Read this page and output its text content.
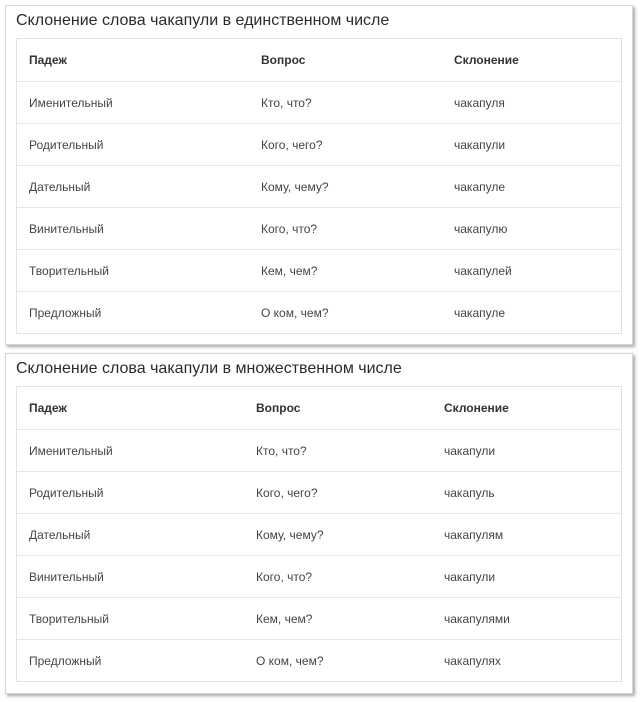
Склонение слова чакапули в единственном числе
Падеж	Вопрос	Склонение
Именительный	Кто, что?	чакапуля
Родительный	Кого, чего?	чакапули
Дательный	Кому, чему?	чакапуле
Винительный	Кого, что?	чакапулю
Творительный	Кем, чем?	чакапулей
Предложный	О ком, чем?	чакапуле
Склонение слова чакапули в множественном числе
Падеж	Вопрос	Склонение
Именительный	Кто, что?	чакапули
Родительный	Кого, чего?	чакапуль
Дательный	Кому, чему?	чакапулям
Винительный	Кого, что?	чакапули
Творительный	Кем, чем?	чакапулями
Предложный	О ком, чем?	чакапулях
